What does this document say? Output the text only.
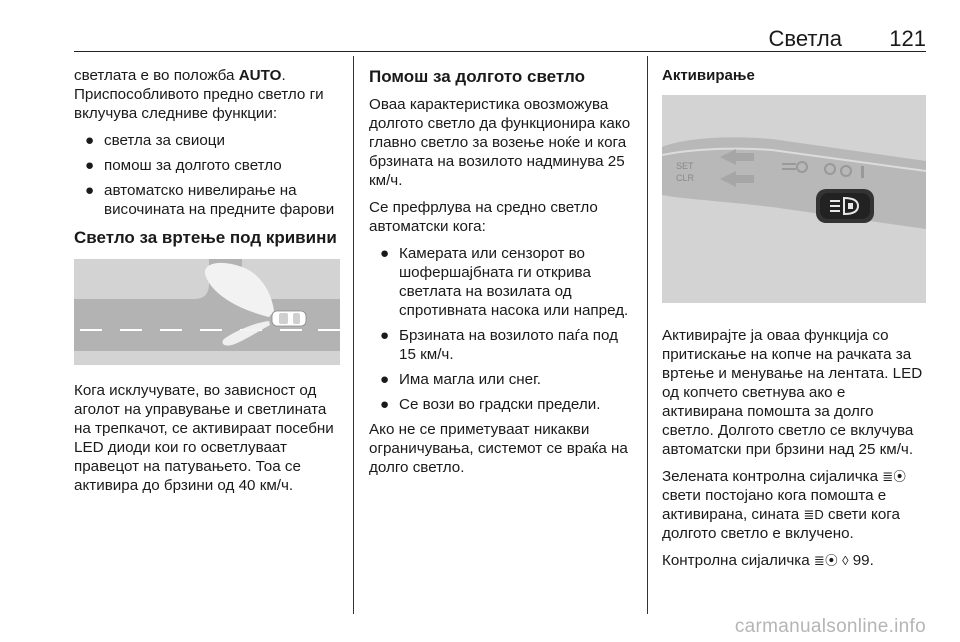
Светла 121

светлата е во положба AUTO. Приспособливото предно светло ги вклучува следниве функции:

● светла за свиоци
● помош за долгото светло
● автоматско нивелирање на височината на предните фарови
Светло за вртење под кривини

Кога исклучувате, во зависност од аголот на управување и светлината на трепкачот, се активираат посебни LED диоди кои го осветлуваат правецот на патувањето. Тоа се активира до брзини од 40 км/ч.

Помош за долгото светло

Оваа карактеристика овозможува долгото светло да функционира како главно светло за возење ноќе и кога брзината на возилото надминува 25 км/ч.

Се префрлува на средно светло автоматски кога:

● Камерата или сензорот во шофершајбната ги открива светлата на возилата од спротивната насока или напред.
● Брзината на возилото паѓа под 15 км/ч.
● Има магла или снег.
● Се вози во градски предели.

Ако не се приметуваат никакви ограничувања, системот се враќа на долго светло.

Активирање
SET
CLR

Активирајте ја оваа функција со притискање на копче на рачката за вртење и менување на лентата. LED од копчето светнува ако е активирана помошта за долго светло. Долгото светло се вклучува автоматски при брзини над 25 км/ч.

Зелената контролна сијаличка ≣⦿ свети постојано кога помошта е активирана, сината ≣D свети кога долгото светло е вклучено.

Контролна сијаличка ≣⦿ ◊ 99.

carmanualsonline.info
